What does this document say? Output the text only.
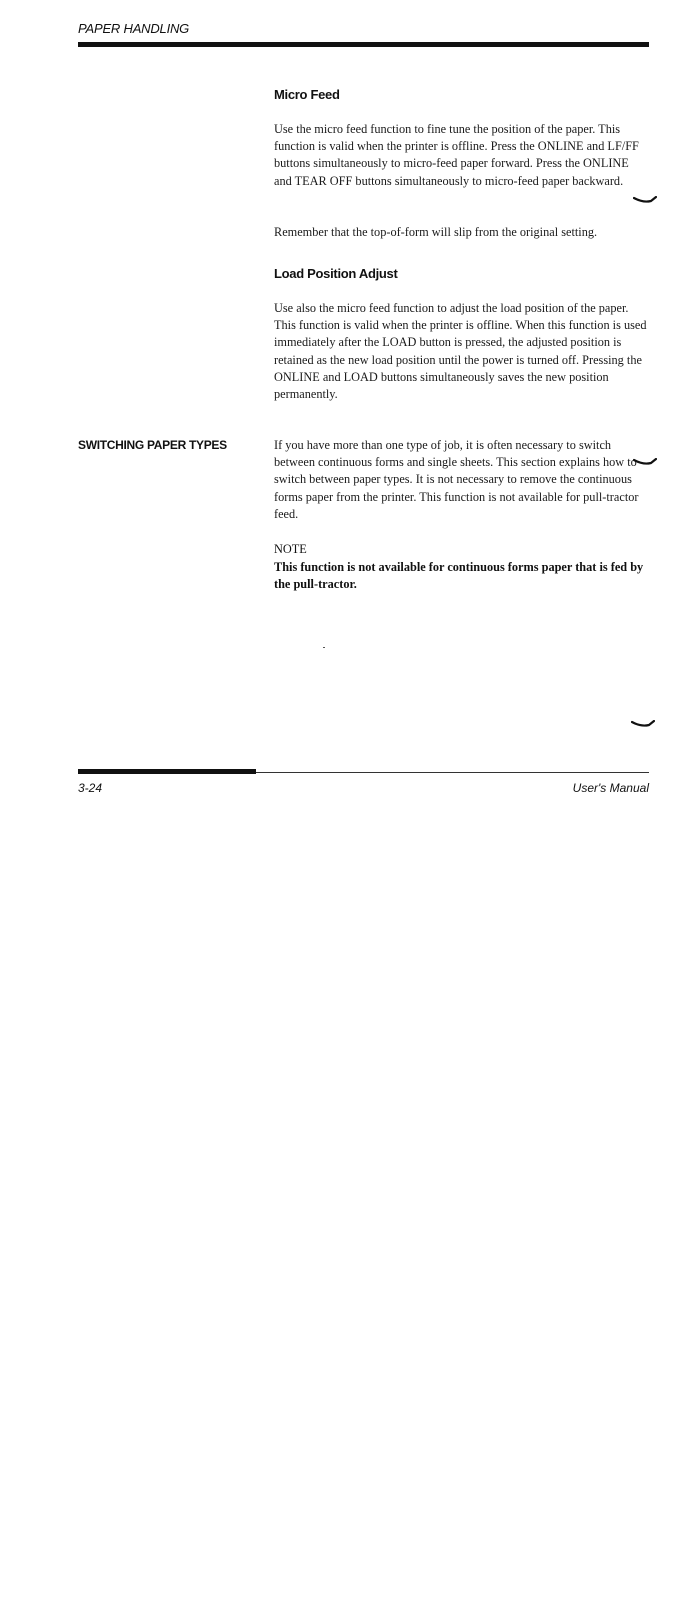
PAPER HANDLING
Micro Feed
Use the micro feed function to fine tune the position of the paper. This function is valid when the printer is offline. Press the ONLINE and LF/FF buttons simultaneously to micro-feed paper forward. Press the ONLINE and TEAR OFF buttons simultaneously to micro-feed paper backward.
Remember that the top-of-form will slip from the original setting.
Load Position Adjust
Use also the micro feed function to adjust the load position of the paper. This function is valid when the printer is offline. When this function is used immediately after the LOAD button is pressed, the adjusted position is retained as the new load position until the power is turned off. Pressing the ONLINE and LOAD buttons simultaneously saves the new position permanently.
SWITCHING PAPER TYPES	If you have more than one type of job, it is often necessary to switch between continuous forms and single sheets. This section explains how to switch between paper types. It is not necessary to remove the continuous forms paper from the printer. This function is not available for pull-tractor feed.
NOTE
This function is not available for continuous forms paper that is fed by the pull-tractor.
3-24	User's Manual
